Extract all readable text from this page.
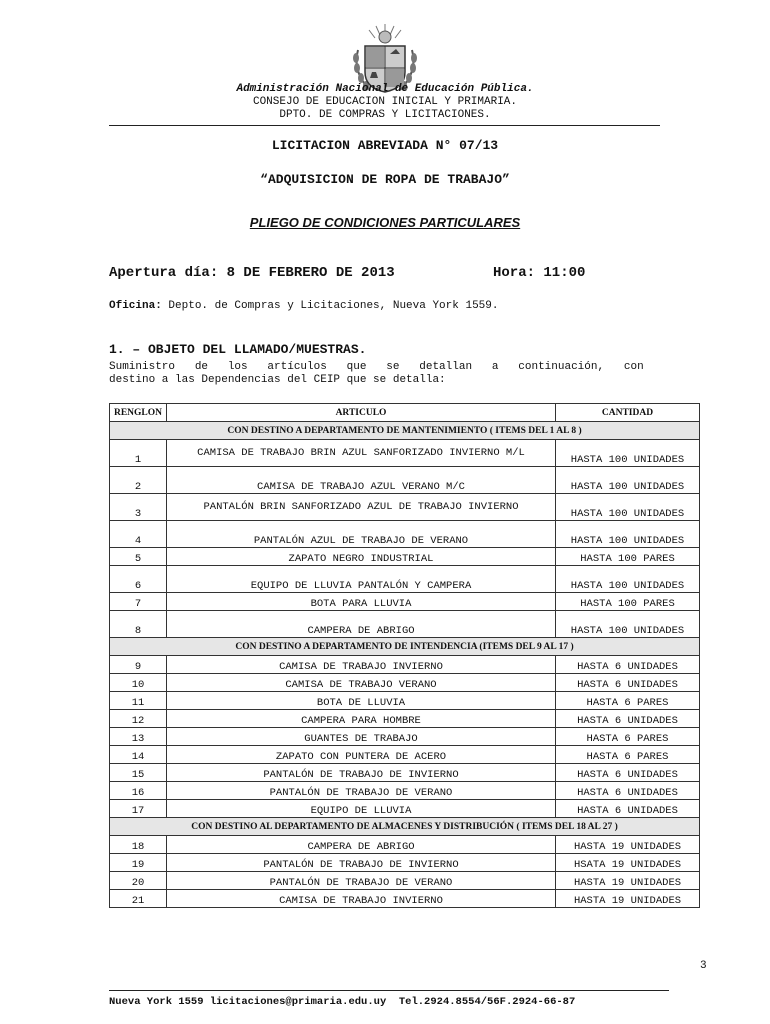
Administración Nacional de Educación Pública.
CONSEJO DE EDUCACION INICIAL Y PRIMARIA.
DPTO. DE COMPRAS Y LICITACIONES.
LICITACION ABREVIADA N° 07/13
“ADQUISICION DE ROPA DE TRABAJO”
PLIEGO DE CONDICIONES PARTICULARES
Apertura día: 8 DE FEBRERO DE 2013	Hora: 11:00
Oficina: Depto. de Compras y Licitaciones, Nueva York 1559.
1. – OBJETO DEL LLAMADO/MUESTRAS.
Suministro   de   los   artículos   que   se   detallan   a   continuación,   con
destino a las Dependencias del CEIP que se detalla:
RENGLON	ARTICULO	CANTIDAD
CON DESTINO A DEPARTAMENTO DE MANTENIMIENTO ( ITEMS DEL 1 AL 8 )		
1	CAMISA DE TRABAJO BRIN AZUL SANFORIZADO INVIERNO M/L	HASTA 100 UNIDADES
2	CAMISA DE TRABAJO AZUL VERANO M/C	HASTA 100 UNIDADES
3	PANTALÓN BRIN SANFORIZADO AZUL DE TRABAJO INVIERNO	HASTA 100 UNIDADES
4	PANTALÓN AZUL DE TRABAJO DE VERANO	HASTA 100 UNIDADES
5	ZAPATO NEGRO INDUSTRIAL	HASTA 100 PARES
6	EQUIPO DE LLUVIA PANTALÓN Y CAMPERA	HASTA 100 UNIDADES
7	BOTA PARA LLUVIA	HASTA 100 PARES
8	CAMPERA DE ABRIGO	HASTA 100 UNIDADES
CON DESTINO A DEPARTAMENTO DE INTENDENCIA (ITEMS DEL 9 AL 17 )		
9	CAMISA DE TRABAJO INVIERNO	HASTA 6 UNIDADES
10	CAMISA DE TRABAJO VERANO	HASTA 6 UNIDADES
11	BOTA DE LLUVIA	HASTA 6 PARES
12	CAMPERA PARA HOMBRE	HASTA 6 UNIDADES
13	GUANTES DE TRABAJO	HASTA 6 PARES
14	ZAPATO CON PUNTERA DE ACERO	HASTA 6 PARES
15	PANTALÓN DE TRABAJO DE INVIERNO	HASTA 6 UNIDADES
16	PANTALÓN DE TRABAJO DE VERANO	HASTA 6 UNIDADES
17	EQUIPO DE LLUVIA	HASTA 6 UNIDADES
CON DESTINO AL DEPARTAMENTO DE ALMACENES Y DISTRIBUCIÓN ( ITEMS DEL 18 AL 27 )		
18	CAMPERA DE ABRIGO	HASTA 19 UNIDADES
19	PANTALÓN DE TRABAJO DE INVIERNO	HSATA 19 UNIDADES
20	PANTALÓN DE TRABAJO DE VERANO	HASTA 19 UNIDADES
21	CAMISA DE TRABAJO INVIERNO	HASTA 19 UNIDADES
3
Nueva York 1559 licitaciones@primaria.edu.uy  Tel.2924.8554/56F.2924-66-87
